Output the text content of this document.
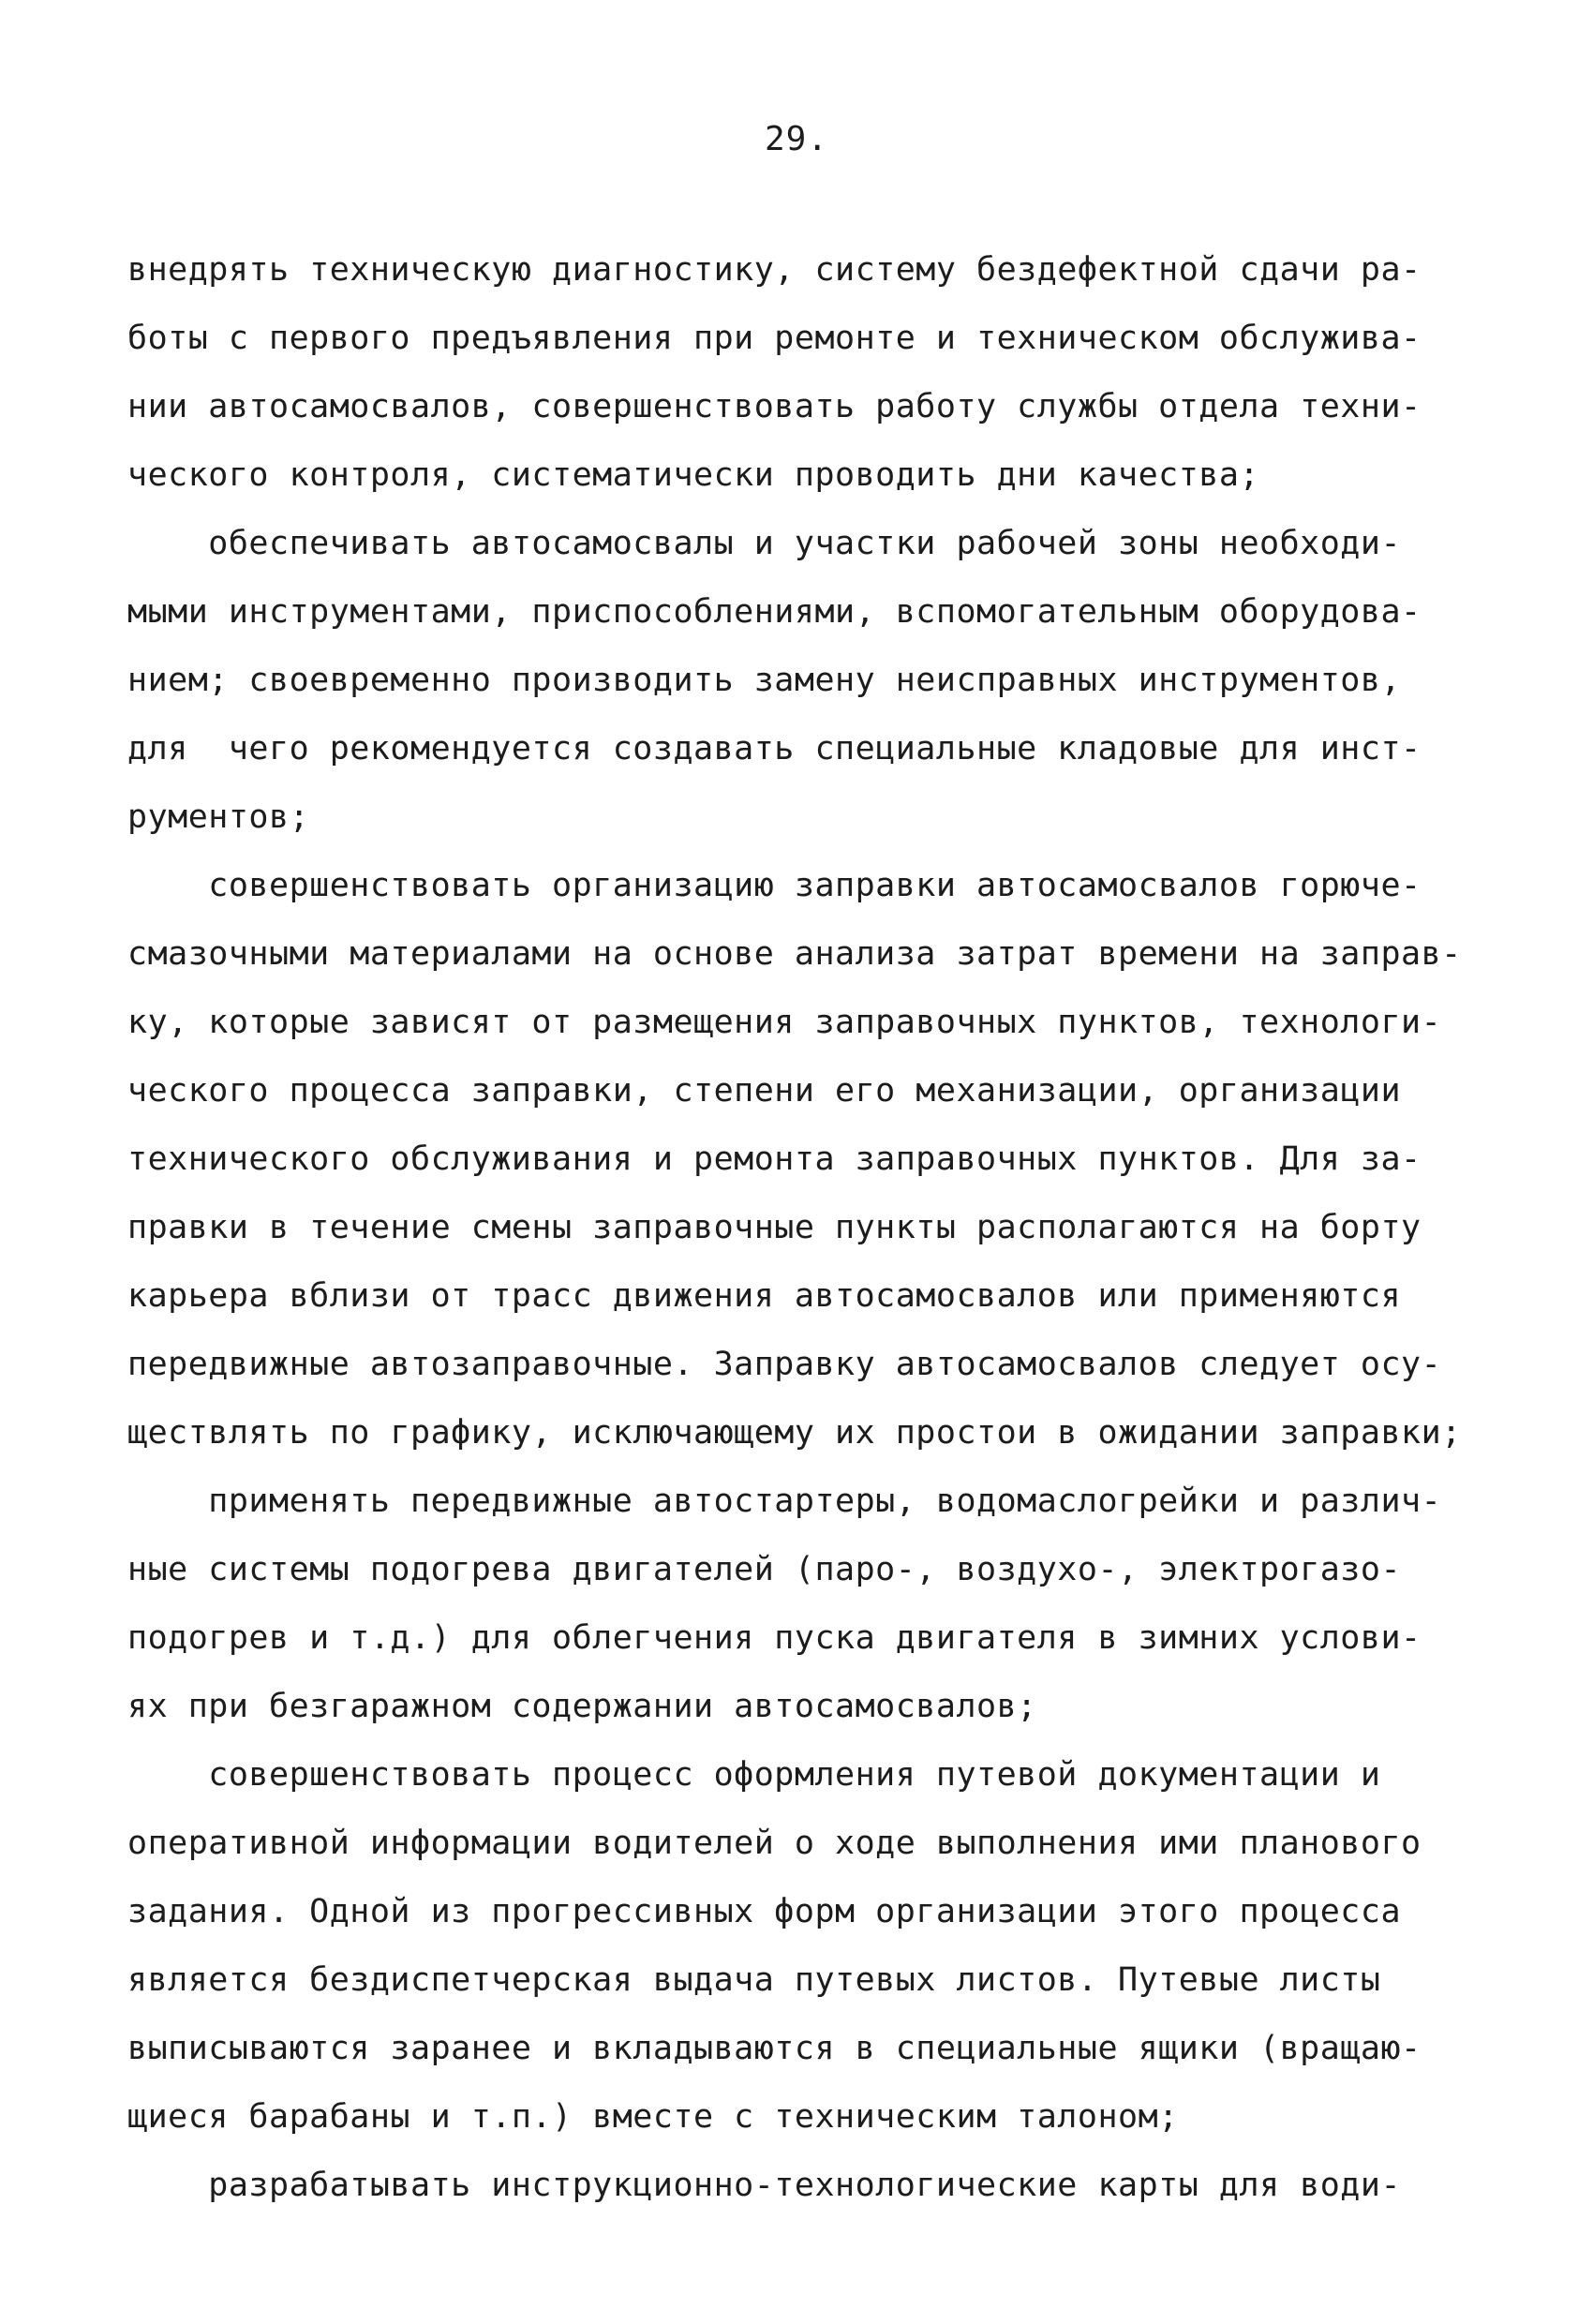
29.
внедрять техническую диагностику, систему бездефектной сдачи ра-
боты с первого предъявления при ремонте и техническом обслужива-
нии автосамосвалов, совершенствовать работу службы отдела техни-
ческого контроля, систематически проводить дни качества;
обеспечивать автосамосвалы и участки рабочей зоны необходи-
мыми инструментами, приспособлениями, вспомогательным оборудова-
нием; своевременно производить замену неисправных инструментов,
для  чего рекомендуется создавать специальные кладовые для инст-
рументов;
совершенствовать организацию заправки автосамосвалов горюче-
смазочными материалами на основе анализа затрат времени на заправ-
ку, которые зависят от размещения заправочных пунктов, технологи-
ческого процесса заправки, степени его механизации, организации
технического обслуживания и ремонта заправочных пунктов. Для за-
правки в течение смены заправочные пункты располагаются на борту
карьера вблизи от трасс движения автосамосвалов или применяются
передвижные автозаправочные. Заправку автосамосвалов следует осу-
ществлять по графику, исключающему их простои в ожидании заправки;
применять передвижные автостартеры, водомаслогрейки и различ-
ные системы подогрева двигателей (паро-, воздухо-, электрогазо-
подогрев и т.д.) для облегчения пуска двигателя в зимних услови-
ях при безгаражном содержании автосамосвалов;
совершенствовать процесс оформления путевой документации и
оперативной информации водителей о ходе выполнения ими планового
задания. Одной из прогрессивных форм организации этого процесса
является бездиспетчерская выдача путевых листов. Путевые листы
выписываются заранее и вкладываются в специальные ящики (вращаю-
щиеся барабаны и т.п.) вместе с техническим талоном;
разрабатывать инструкционно-технологические карты для води-
